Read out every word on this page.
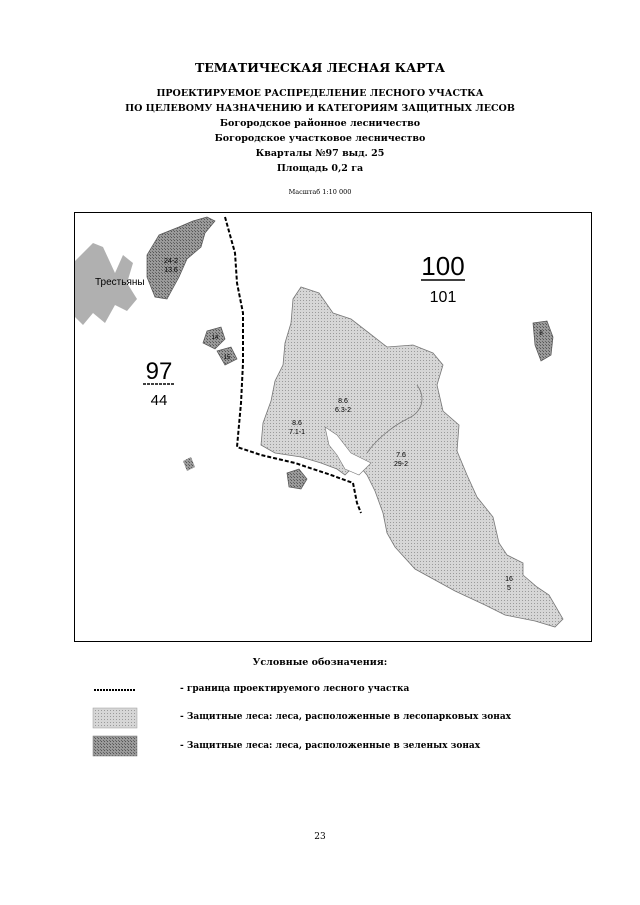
ТЕМАТИЧЕСКАЯ ЛЕСНАЯ КАРТА
ПРОЕКТИРУЕМОЕ РАСПРЕДЕЛЕНИЕ ЛЕСНОГО УЧАСТКА
ПО ЦЕЛЕВОМУ НАЗНАЧЕНИЮ И КАТЕГОРИЯМ ЗАЩИТНЫХ ЛЕСОВ
Богородское районное лесничество
Богородское участковое лесничество
Кварталы №97 выд. 25
Площадь 0,2 га
Масштаб 1:10 000
Трестьяны
97
44
100
101
8.6
7.1-1
8.6
6.3-2
7.6
29-2
16
5
24-2
13.6
14
15
8
Условные обозначения:
- граница проектируемого лесного участка
- Защитные леса: леса, расположенные в лесопарковых зонах
- Защитные леса: леса, расположенные в зеленых зонах
23
